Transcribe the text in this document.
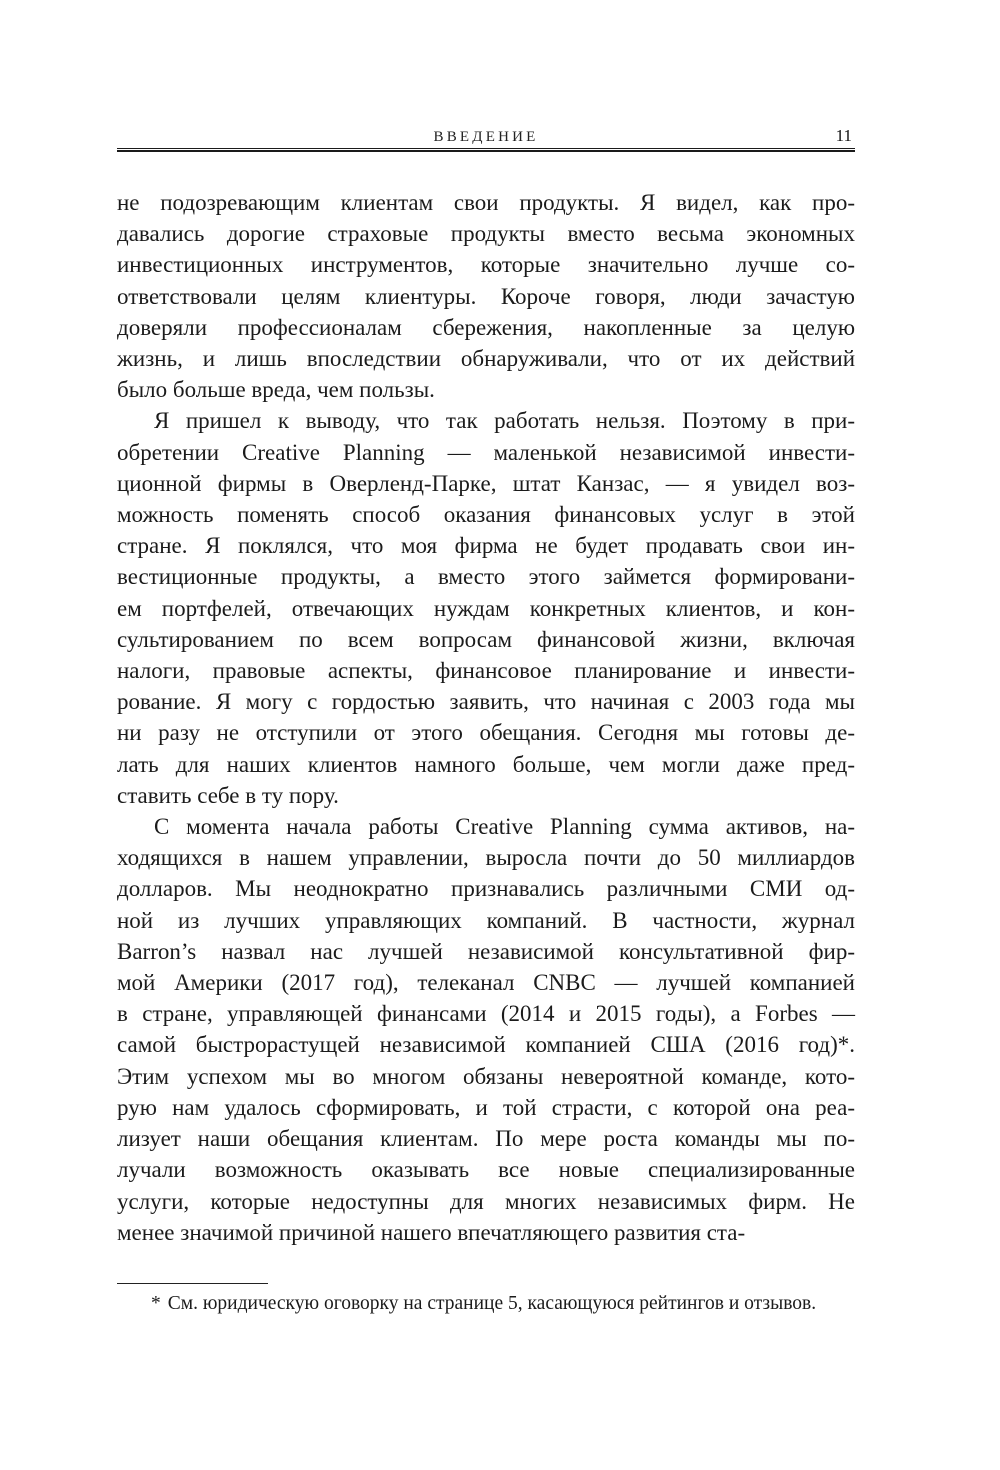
ВВЕДЕНИЕ	11
не подозревающим клиентам свои продукты. Я видел, как про-
давались дорогие страховые продукты вместо весьма экономных
инвестиционных инструментов, которые значительно лучше со-
ответствовали целям клиентуры. Короче говоря, люди зачастую
доверяли профессионалам сбережения, накопленные за целую
жизнь, и лишь впоследствии обнаруживали, что от их действий
было больше вреда, чем пользы.
Я пришел к выводу, что так работать нельзя. Поэтому в при-
обретении Creative Planning — маленькой независимой инвести-
ционной фирмы в Оверленд-Парке, штат Канзас, — я увидел воз-
можность поменять способ оказания финансовых услуг в этой
стране. Я поклялся, что моя фирма не будет продавать свои ин-
вестиционные продукты, а вместо этого займется формировани-
ем портфелей, отвечающих нуждам конкретных клиентов, и кон-
сультированием по всем вопросам финансовой жизни, включая
налоги, правовые аспекты, финансовое планирование и инвести-
рование. Я могу с гордостью заявить, что начиная с 2003 года мы
ни разу не отступили от этого обещания. Сегодня мы готовы де-
лать для наших клиентов намного больше, чем могли даже пред-
ставить себе в ту пору.
С момента начала работы Creative Planning сумма активов, на-
ходящихся в нашем управлении, выросла почти до 50 миллиардов
долларов. Мы неоднократно признавались различными СМИ од-
ной из лучших управляющих компаний. В частности, журнал
Barron’s назвал нас лучшей независимой консультативной фир-
мой Америки (2017 год), телеканал CNBC — лучшей компанией
в стране, управляющей финансами (2014 и 2015 годы), а Forbes —
самой быстрорастущей независимой компанией США (2016 год)*.
Этим успехом мы во многом обязаны невероятной команде, кото-
рую нам удалось сформировать, и той страсти, с которой она реа-
лизует наши обещания клиентам. По мере роста команды мы по-
лучали возможность оказывать все новые специализированные
услуги, которые недоступны для многих независимых фирм. Не
менее значимой причиной нашего впечатляющего развития ста-
* См. юридическую оговорку на странице 5, касающуюся рейтингов и отзывов.
